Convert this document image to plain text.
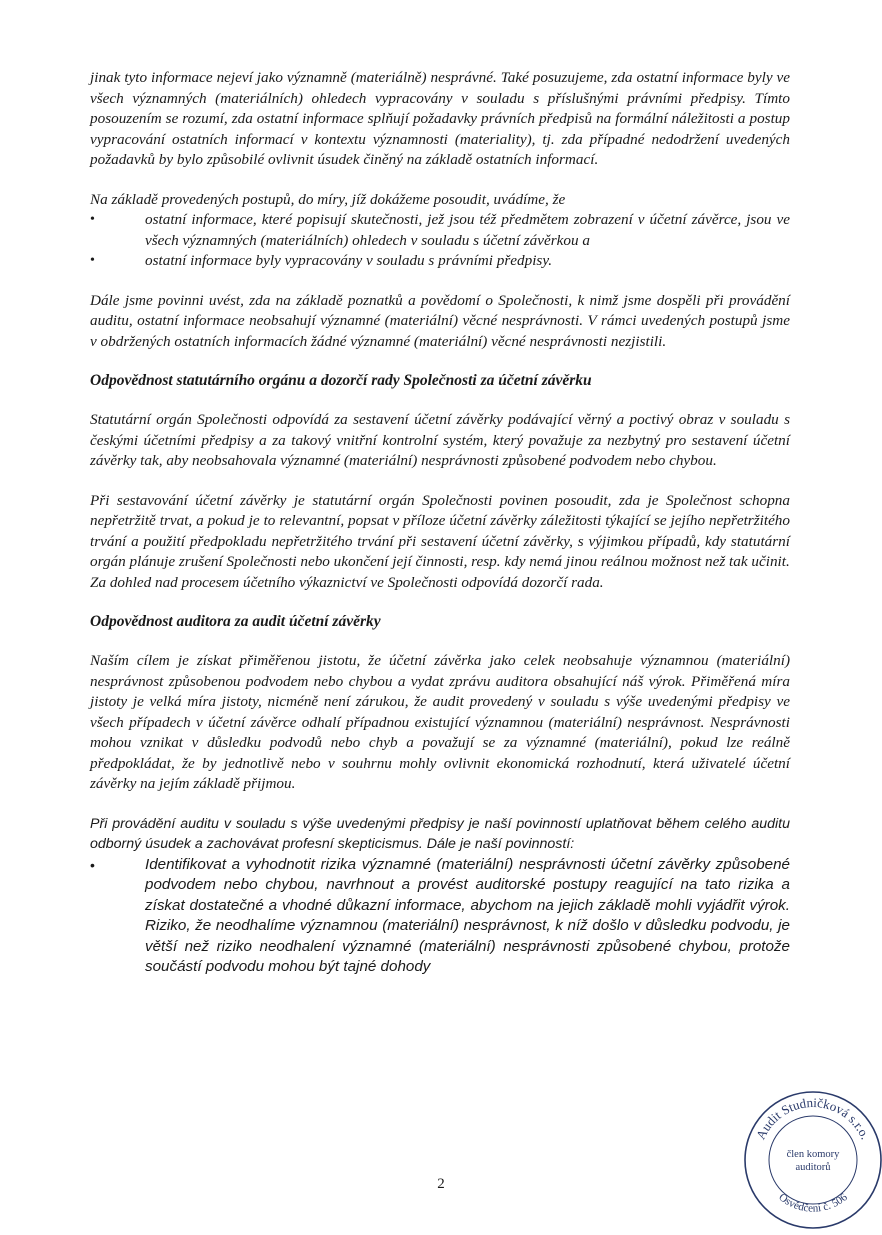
jinak tyto informace nejeví jako významně (materiálně) nesprávné. Také posuzujeme, zda ostatní informace byly ve všech významných (materiálních) ohledech vypracovány v souladu s příslušnými právními předpisy. Tímto posouzením se rozumí, zda ostatní informace splňují požadavky právních předpisů na formální náležitosti a postup vypracování ostatních informací v kontextu významnosti (materiality), tj. zda případné nedodržení uvedených požadavků by bylo způsobilé ovlivnit úsudek činěný na základě ostatních informací.

Na základě provedených postupů, do míry, jíž dokážeme posoudit, uvádíme, že

•	ostatní informace, které popisují skutečnosti, jež jsou též předmětem zobrazení v účetní závěrce, jsou ve všech významných (materiálních) ohledech v souladu s účetní závěrkou a
•	ostatní informace byly vypracovány v souladu s právními předpisy.

Dále jsme povinni uvést, zda na základě poznatků a povědomí o Společnosti, k nimž jsme dospěli při provádění auditu, ostatní informace neobsahují významné (materiální) věcné nesprávnosti. V rámci uvedených postupů jsme v obdržených ostatních informacích žádné významné (materiální) věcné nesprávnosti nezjistili.

Odpovědnost statutárního orgánu a dozorčí rady Společnosti za účetní závěrku

Statutární orgán Společnosti odpovídá za sestavení účetní závěrky podávající věrný a poctivý obraz v souladu s českými účetními předpisy a za takový vnitřní kontrolní systém, který považuje za nezbytný pro sestavení účetní závěrky tak, aby neobsahovala významné (materiální) nesprávnosti způsobené podvodem nebo chybou.

Při sestavování účetní závěrky je statutární orgán Společnosti povinen posoudit, zda je Společnost schopna nepřetržitě trvat, a pokud je to relevantní, popsat v příloze účetní závěrky záležitosti týkající se jejího nepřetržitého trvání a použití předpokladu nepřetržitého trvání při sestavení účetní závěrky, s výjimkou případů, kdy statutární orgán plánuje zrušení Společnosti nebo ukončení její činnosti, resp. kdy nemá jinou reálnou možnost než tak učinit.

Za dohled nad procesem účetního výkaznictví ve Společnosti odpovídá dozorčí rada.

Odpovědnost auditora za audit účetní závěrky

Naším cílem je získat přiměřenou jistotu, že účetní závěrka jako celek neobsahuje významnou (materiální) nesprávnost způsobenou podvodem nebo chybou a vydat zprávu auditora obsahující náš výrok. Přiměřená míra jistoty je velká míra jistoty, nicméně není zárukou, že audit provedený v souladu s výše uvedenými předpisy ve všech případech v účetní závěrce odhalí případnou existující významnou (materiální) nesprávnost. Nesprávnosti mohou vznikat v důsledku podvodů nebo chyb a považují se za významné (materiální), pokud lze reálně předpokládat, že by jednotlivě nebo v souhrnu mohly ovlivnit ekonomická rozhodnutí, která uživatelé účetní závěrky na jejím základě přijmou.

Při provádění auditu v souladu s výše uvedenými předpisy je naší povinností uplatňovat během celého auditu odborný úsudek a zachovávat profesní skepticismus. Dále je naší povinností:

•	Identifikovat a vyhodnotit rizika významné (materiální) nesprávnosti účetní závěrky způsobené podvodem nebo chybou, navrhnout a provést auditorské postupy reagující na tato rizika a získat dostatečné a vhodné důkazní informace, abychom na jejich základě mohli vyjádřit výrok. Riziko, že neodhalíme významnou (materiální) nesprávnost, k níž došlo v důsledku podvodu, je větší než riziko neodhalení významné (materiální) nesprávnosti způsobené chybou, protože součástí podvodu mohou být tajné dohody
2
Audit Studničková s.r.o.
člen komory
auditorů
Osvědčení č. 506
